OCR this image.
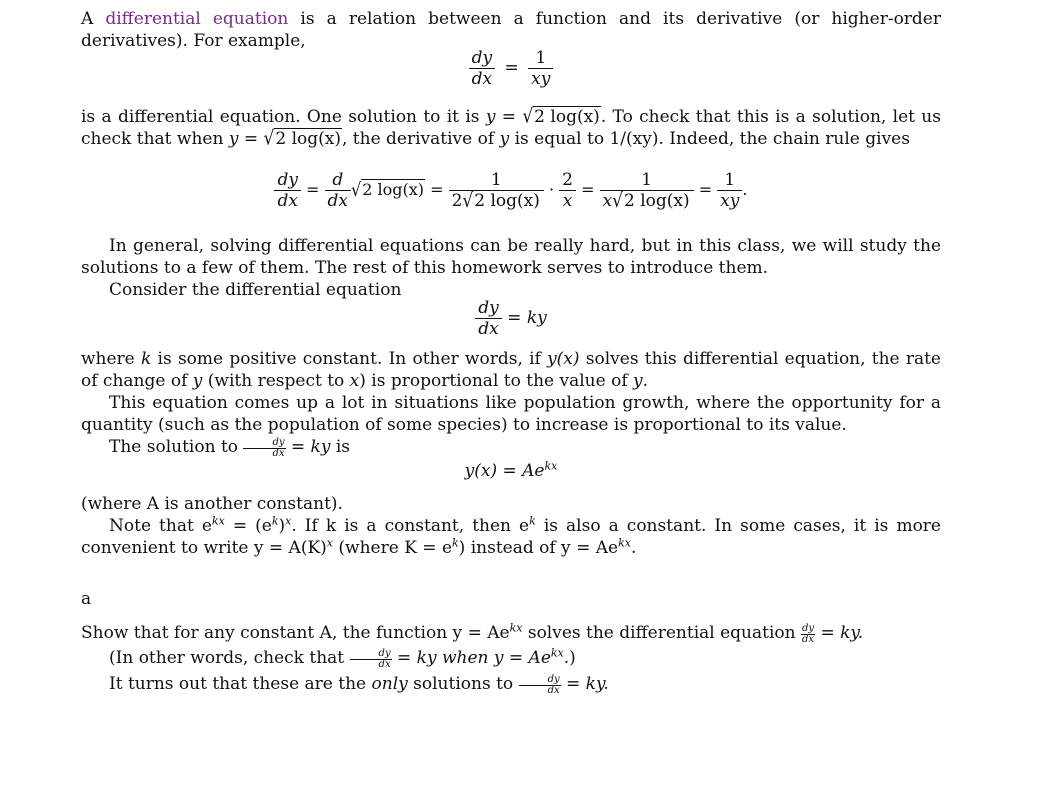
A differential equation is a relation between a function and its derivative (or higher-order derivatives). For example,

$\frac{dy}{dx} = \frac{1}{xy}$

is a differential equation. One solution to it is y = √2 log(x). To check that this is a solution, let us check that when y = √2 log(x), the derivative of y is equal to 1/(xy). Indeed, the chain rule gives

$\frac{dy}{dx} = \frac{d}{dx} √2$ $\log(x) = \frac{1}{2√2 \log(x)} \cdot \frac{2}{x} = \frac{1}{x√2 \log(x)} = \frac{1}{xy}$ .

In general, solving differential equations can be really hard, but in this class, we will study the solutions to a few of them. The rest of this homework serves to introduce them.

Consider the differential equation

$\frac{dy}{dx}$ = ky

where k is some positive constant. In other words, if y(x) solves this differential equation, the rate of change of y (with respect to x) is proportional to the value of y.

This equation comes up a lot in situations like population growth, where the opportunity for a quantity (such as the population of some species) to increase is proportional to its value.

The solution to $\frac{dy}{dx}$ = ky is

$y(x) = Ae^{kx}$

(where A is another constant).

Note that $e^{kx} = (e^k)^x$. If k is a constant, then $e^k$ is also a constant. In some cases, it is more convenient to write $y = A(K)^x$ (where $K = e^k$) instead of $y = Ae^{kx}$.

a

Show that for any constant A, the function $y = Ae^{kx}$ solves the differential equation $\frac{dy}{dx}$ = ky.

(In other words, check that $\frac{dy}{dx}$ = ky when $y = Ae^{kx}$.)

It turns out that these are the only solutions to $\frac{dy}{dx}$ = ky.
